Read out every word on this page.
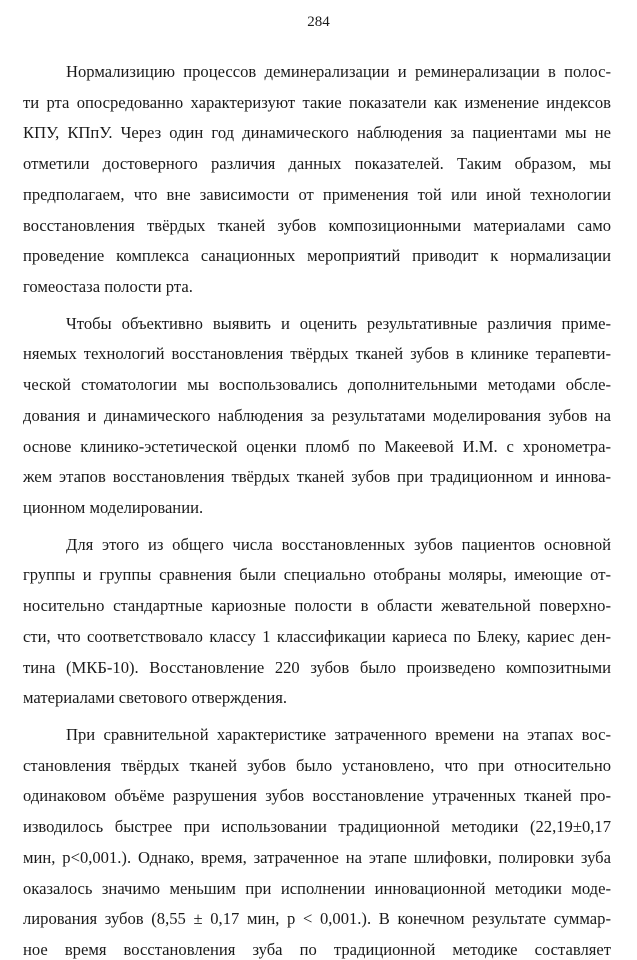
284
Нормализицию процессов деминерализации и реминерализации в полос-
ти рта опосредованно характеризуют такие показатели как изменение индексов
КПУ, КПпУ. Через один год динамического наблюдения за пациентами мы не
отметили достоверного различия данных показателей. Таким образом, мы
предполагаем, что вне зависимости от применения той или иной технологии
восстановления твёрдых тканей зубов композиционными материалами само
проведение комплекса санационных мероприятий приводит к нормализации
гомеостаза полости рта.
Чтобы объективно выявить и оценить результативные различия приме-
няемых технологий восстановления твёрдых тканей зубов в клинике терапевти-
ческой стоматологии мы воспользовались дополнительными методами обсле-
дования и динамического наблюдения за результатами моделирования зубов на
основе клинико-эстетической оценки пломб по Макеевой И.М. с хронометра-
жем этапов восстановления твёрдых тканей зубов при традиционном и иннова-
ционном моделировании.
Для этого из общего числа восстановленных зубов пациентов основной
группы и группы сравнения были специально отобраны моляры, имеющие от-
носительно стандартные кариозные полости в области жевательной поверхно-
сти, что соответствовало классу 1 классификации кариеса по Блеку, кариес ден-
тина (МКБ-10). Восстановление 220 зубов было произведено композитными
материалами светового отверждения.
При сравнительной характеристике затраченного времени на этапах вос-
становления твёрдых тканей зубов было установлено, что при относительно
одинаковом объёме разрушения зубов восстановление утраченных тканей про-
изводилось быстрее при использовании традиционной методики (22,19±0,17
мин, p<0,001.). Однако, время, затраченное на этапе шлифовки, полировки зуба
оказалось значимо меньшим при исполнении инновационной методики моде-
лирования зубов (8,55 ± 0,17 мин, p < 0,001.). В конечном результате суммар-
ное время восстановления зуба по традиционной методике составляет
